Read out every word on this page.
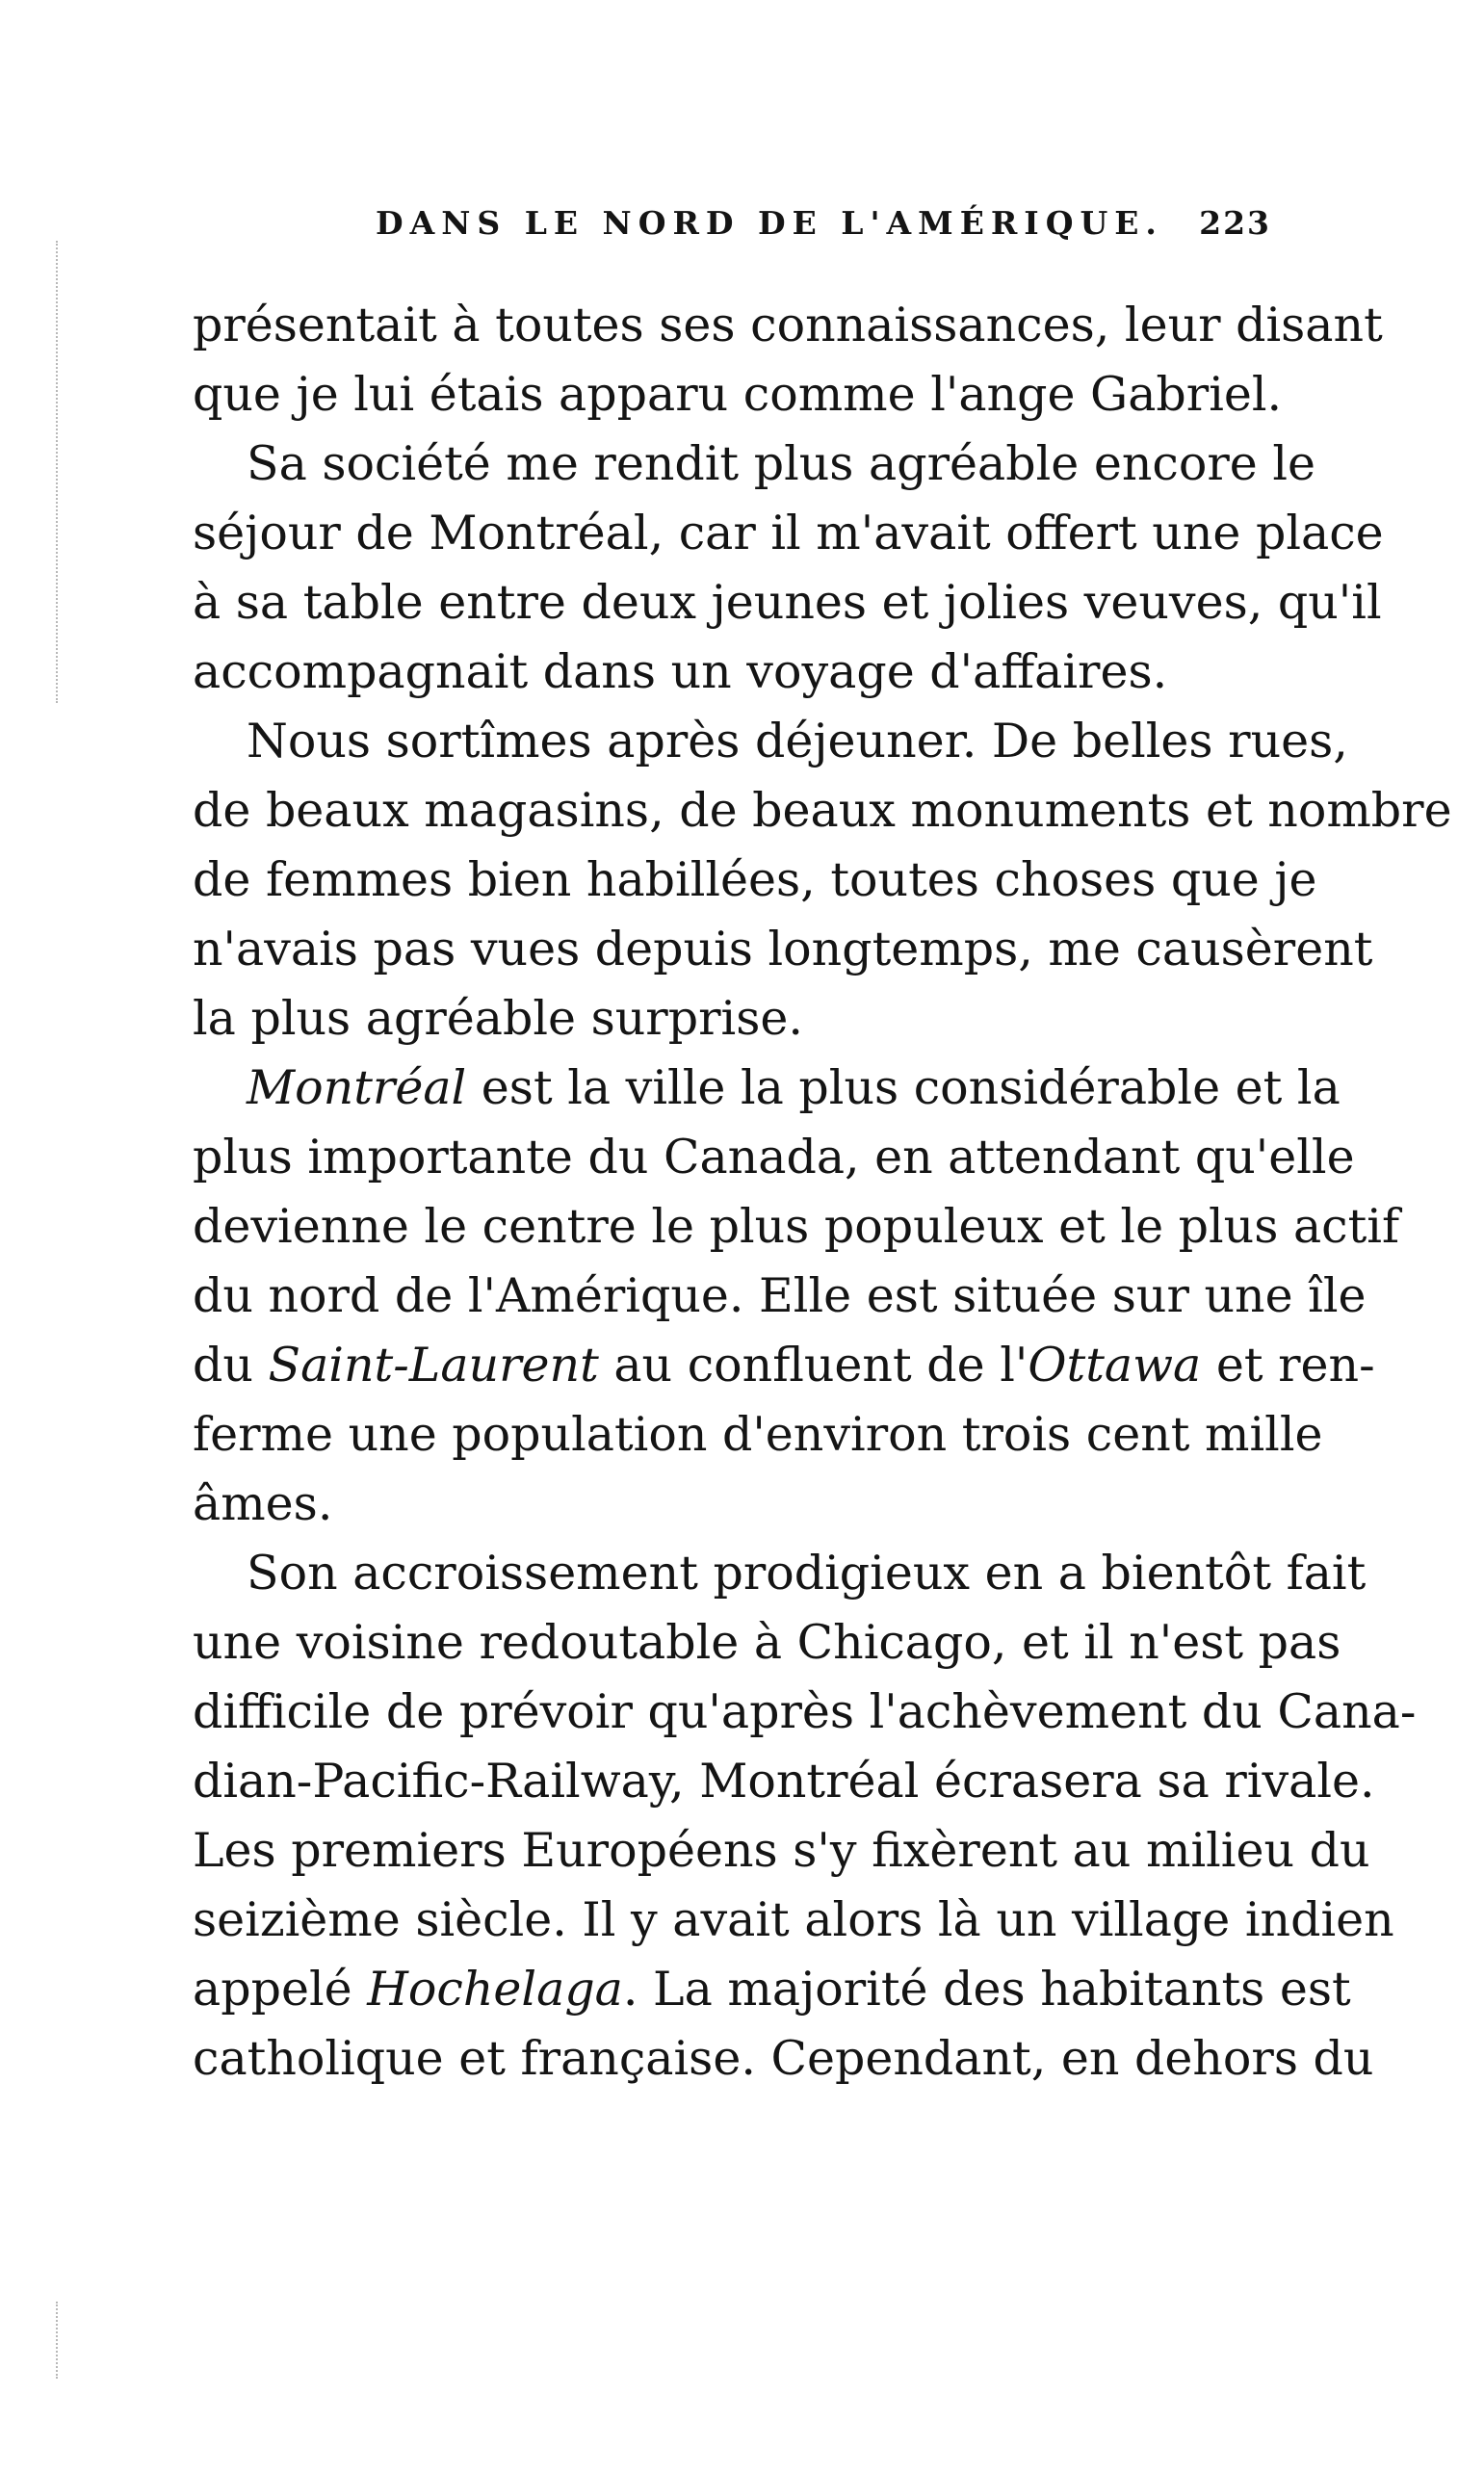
DANS LE NORD DE L'AMÉRIQUE. 223
présentait à toutes ses connaissances, leur disant
que je lui étais apparu comme l'ange Gabriel.
Sa société me rendit plus agréable encore le
séjour de Montréal, car il m'avait offert une place
à sa table entre deux jeunes et jolies veuves, qu'il
accompagnait dans un voyage d'affaires.
Nous sortîmes après déjeuner. De belles rues,
de beaux magasins, de beaux monuments et nombre
de femmes bien habillées, toutes choses que je
n'avais pas vues depuis longtemps, me causèrent
la plus agréable surprise.
Montréal est la ville la plus considérable et la
plus importante du Canada, en attendant qu'elle
devienne le centre le plus populeux et le plus actif
du nord de l'Amérique. Elle est située sur une île
du Saint-Laurent au confluent de l'Ottawa et ren-
ferme une population d'environ trois cent mille
âmes.
Son accroissement prodigieux en a bientôt fait
une voisine redoutable à Chicago, et il n'est pas
difficile de prévoir qu'après l'achèvement du Cana-
dian-Pacific-Railway, Montréal écrasera sa rivale.
Les premiers Européens s'y fixèrent au milieu du
seizième siècle. Il y avait alors là un village indien
appelé Hochelaga. La majorité des habitants est
catholique et française. Cependant, en dehors du
